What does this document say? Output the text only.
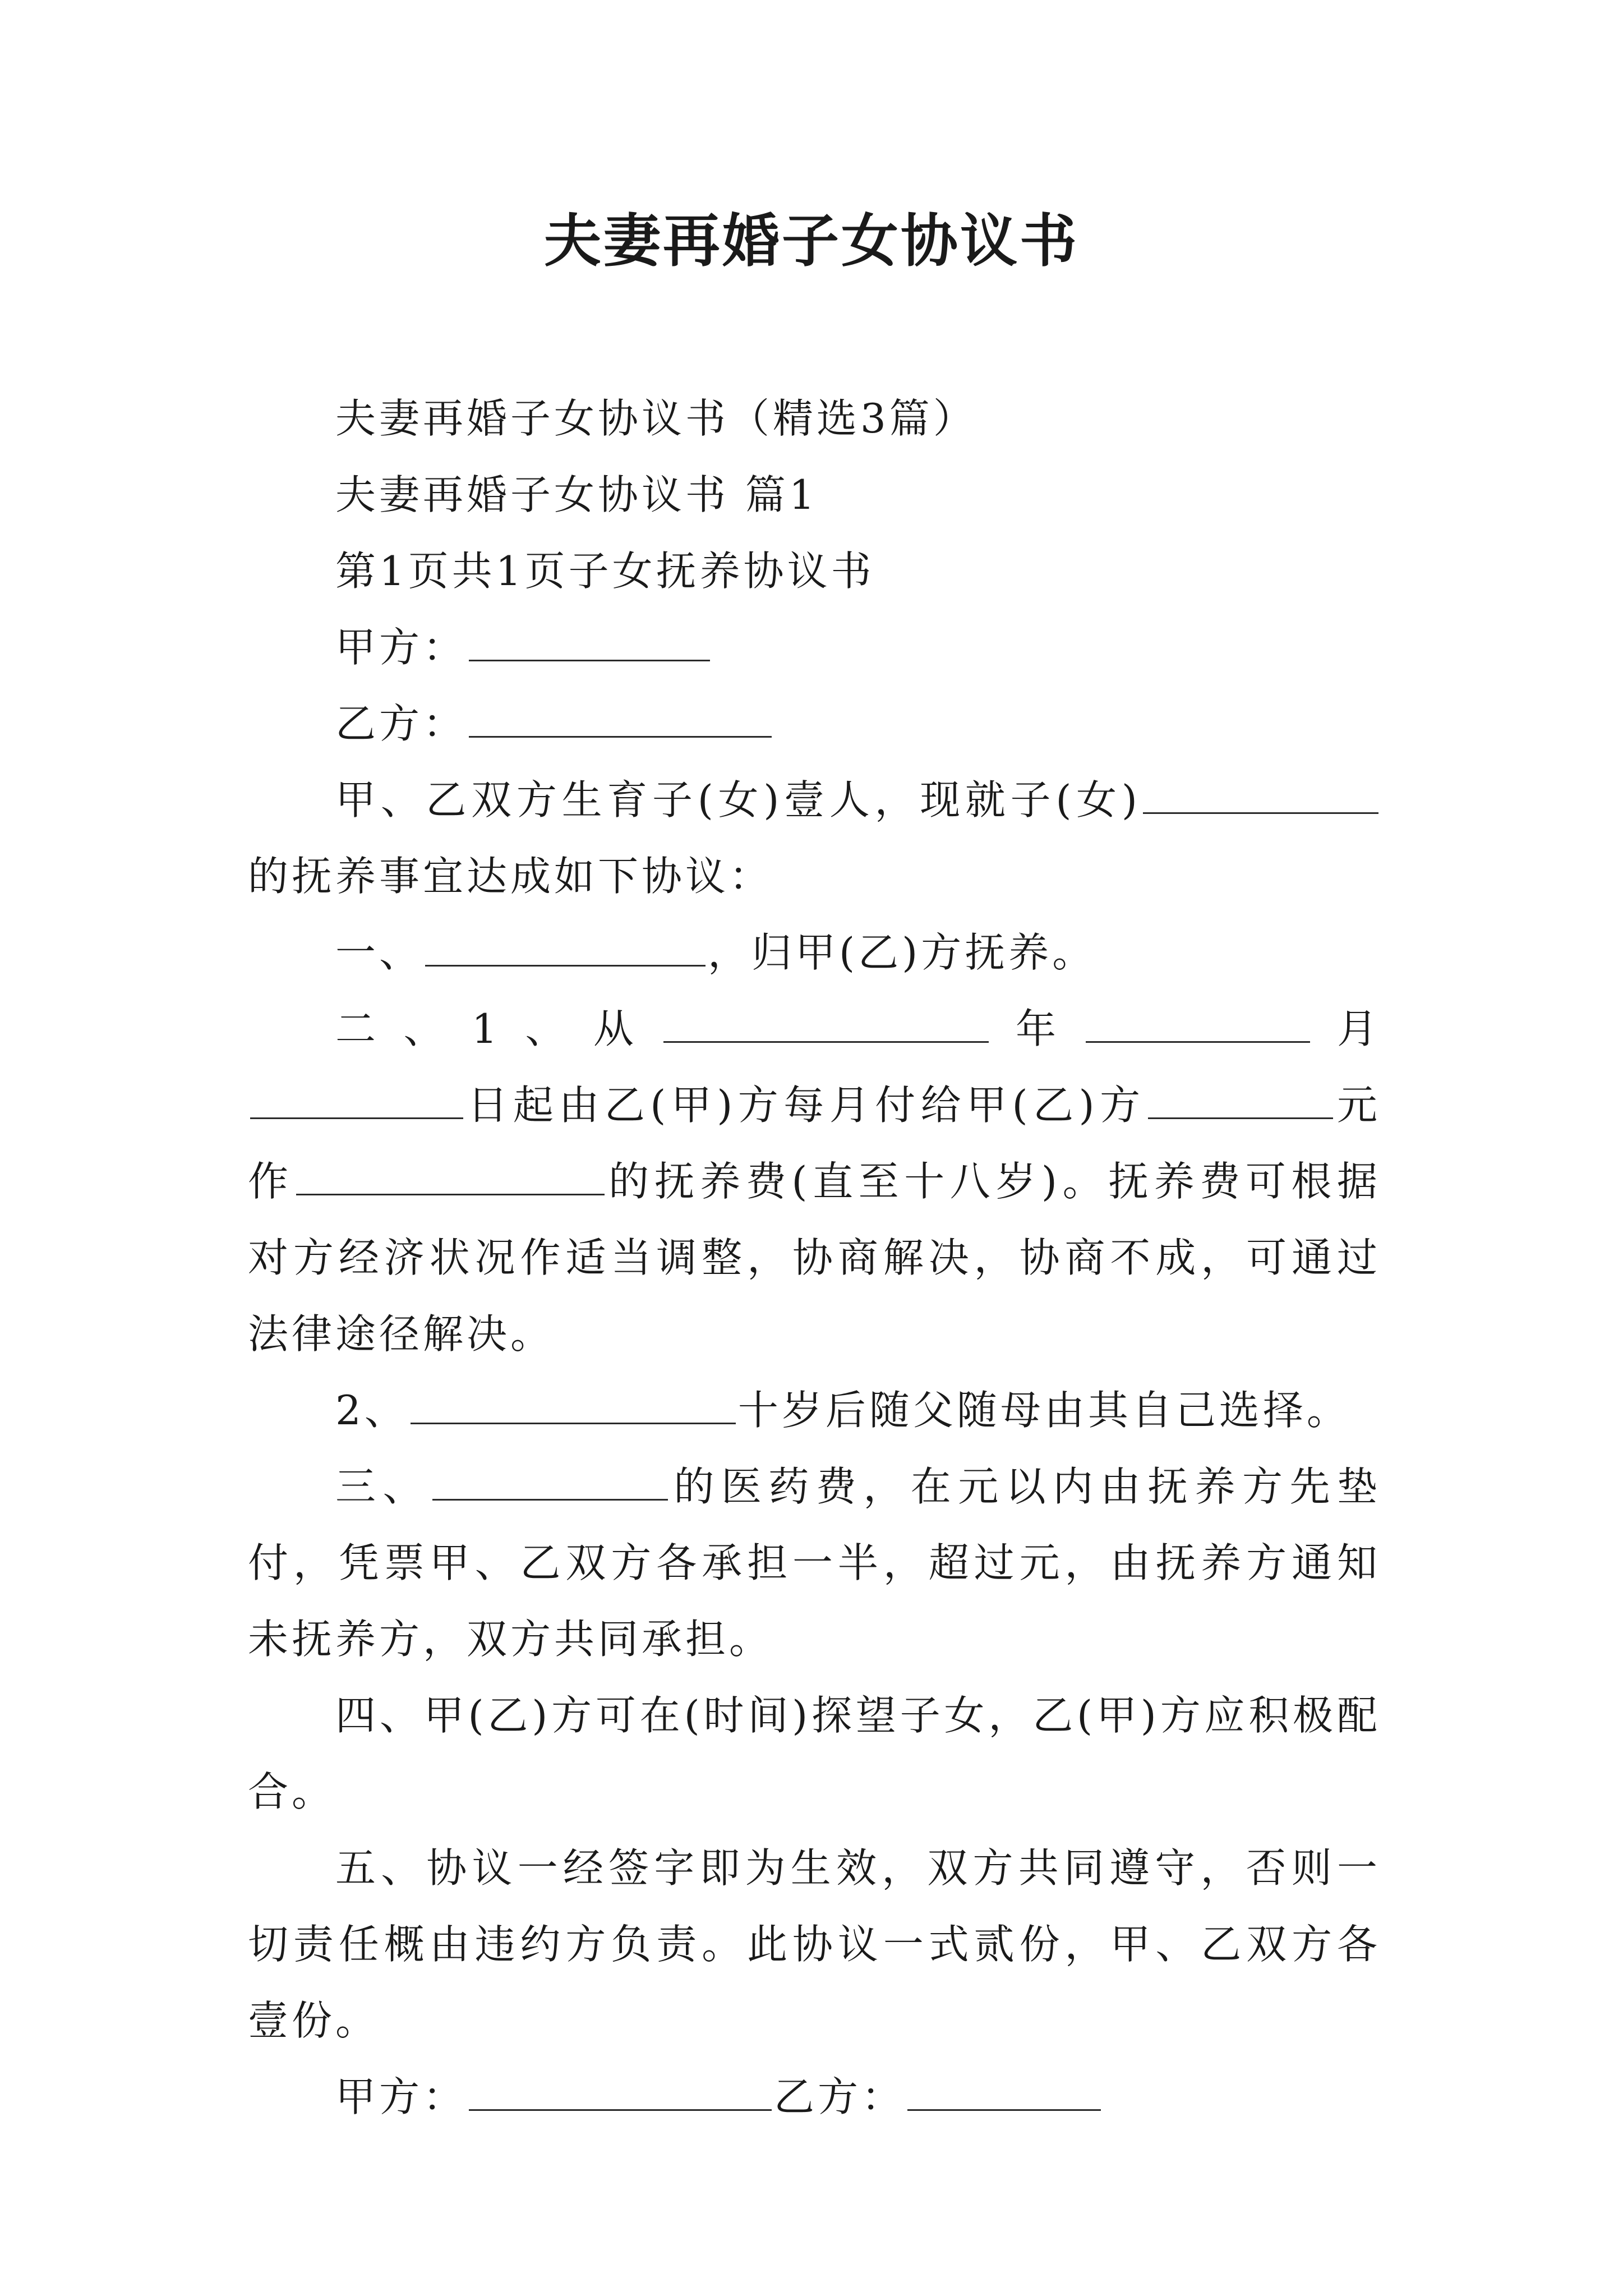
夫妻再婚子女协议书

夫妻再婚子女协议书（精选3篇）

夫妻再婚子女协议书 篇1

第1页共1页子女抚养协议书

甲方：

乙方：

甲、乙双方生育子(女)壹人，现就子(女)的抚养事宜达成如下协议：

一、	，归甲(乙)方抚养。

二、1、从	年	月日起由乙(甲)方每月付给甲(乙)方	元作	的抚养费(直至十八岁)。抚养费可根据对方经济状况作适当调整，协商解决，协商不成，可通过法律途径解决。

2、	十岁后随父随母由其自己选择。

三、	的医药费，在元以内由抚养方先垫付，凭票甲、乙双方各承担一半，超过元，由抚养方通知未抚养方，双方共同承担。

四、甲(乙)方可在(时间)探望子女，乙(甲)方应积极配合。

五、协议一经签字即为生效，双方共同遵守，否则一切责任概由违约方负责。此协议一式贰份，甲、乙双方各壹份。

甲方：	乙方：
